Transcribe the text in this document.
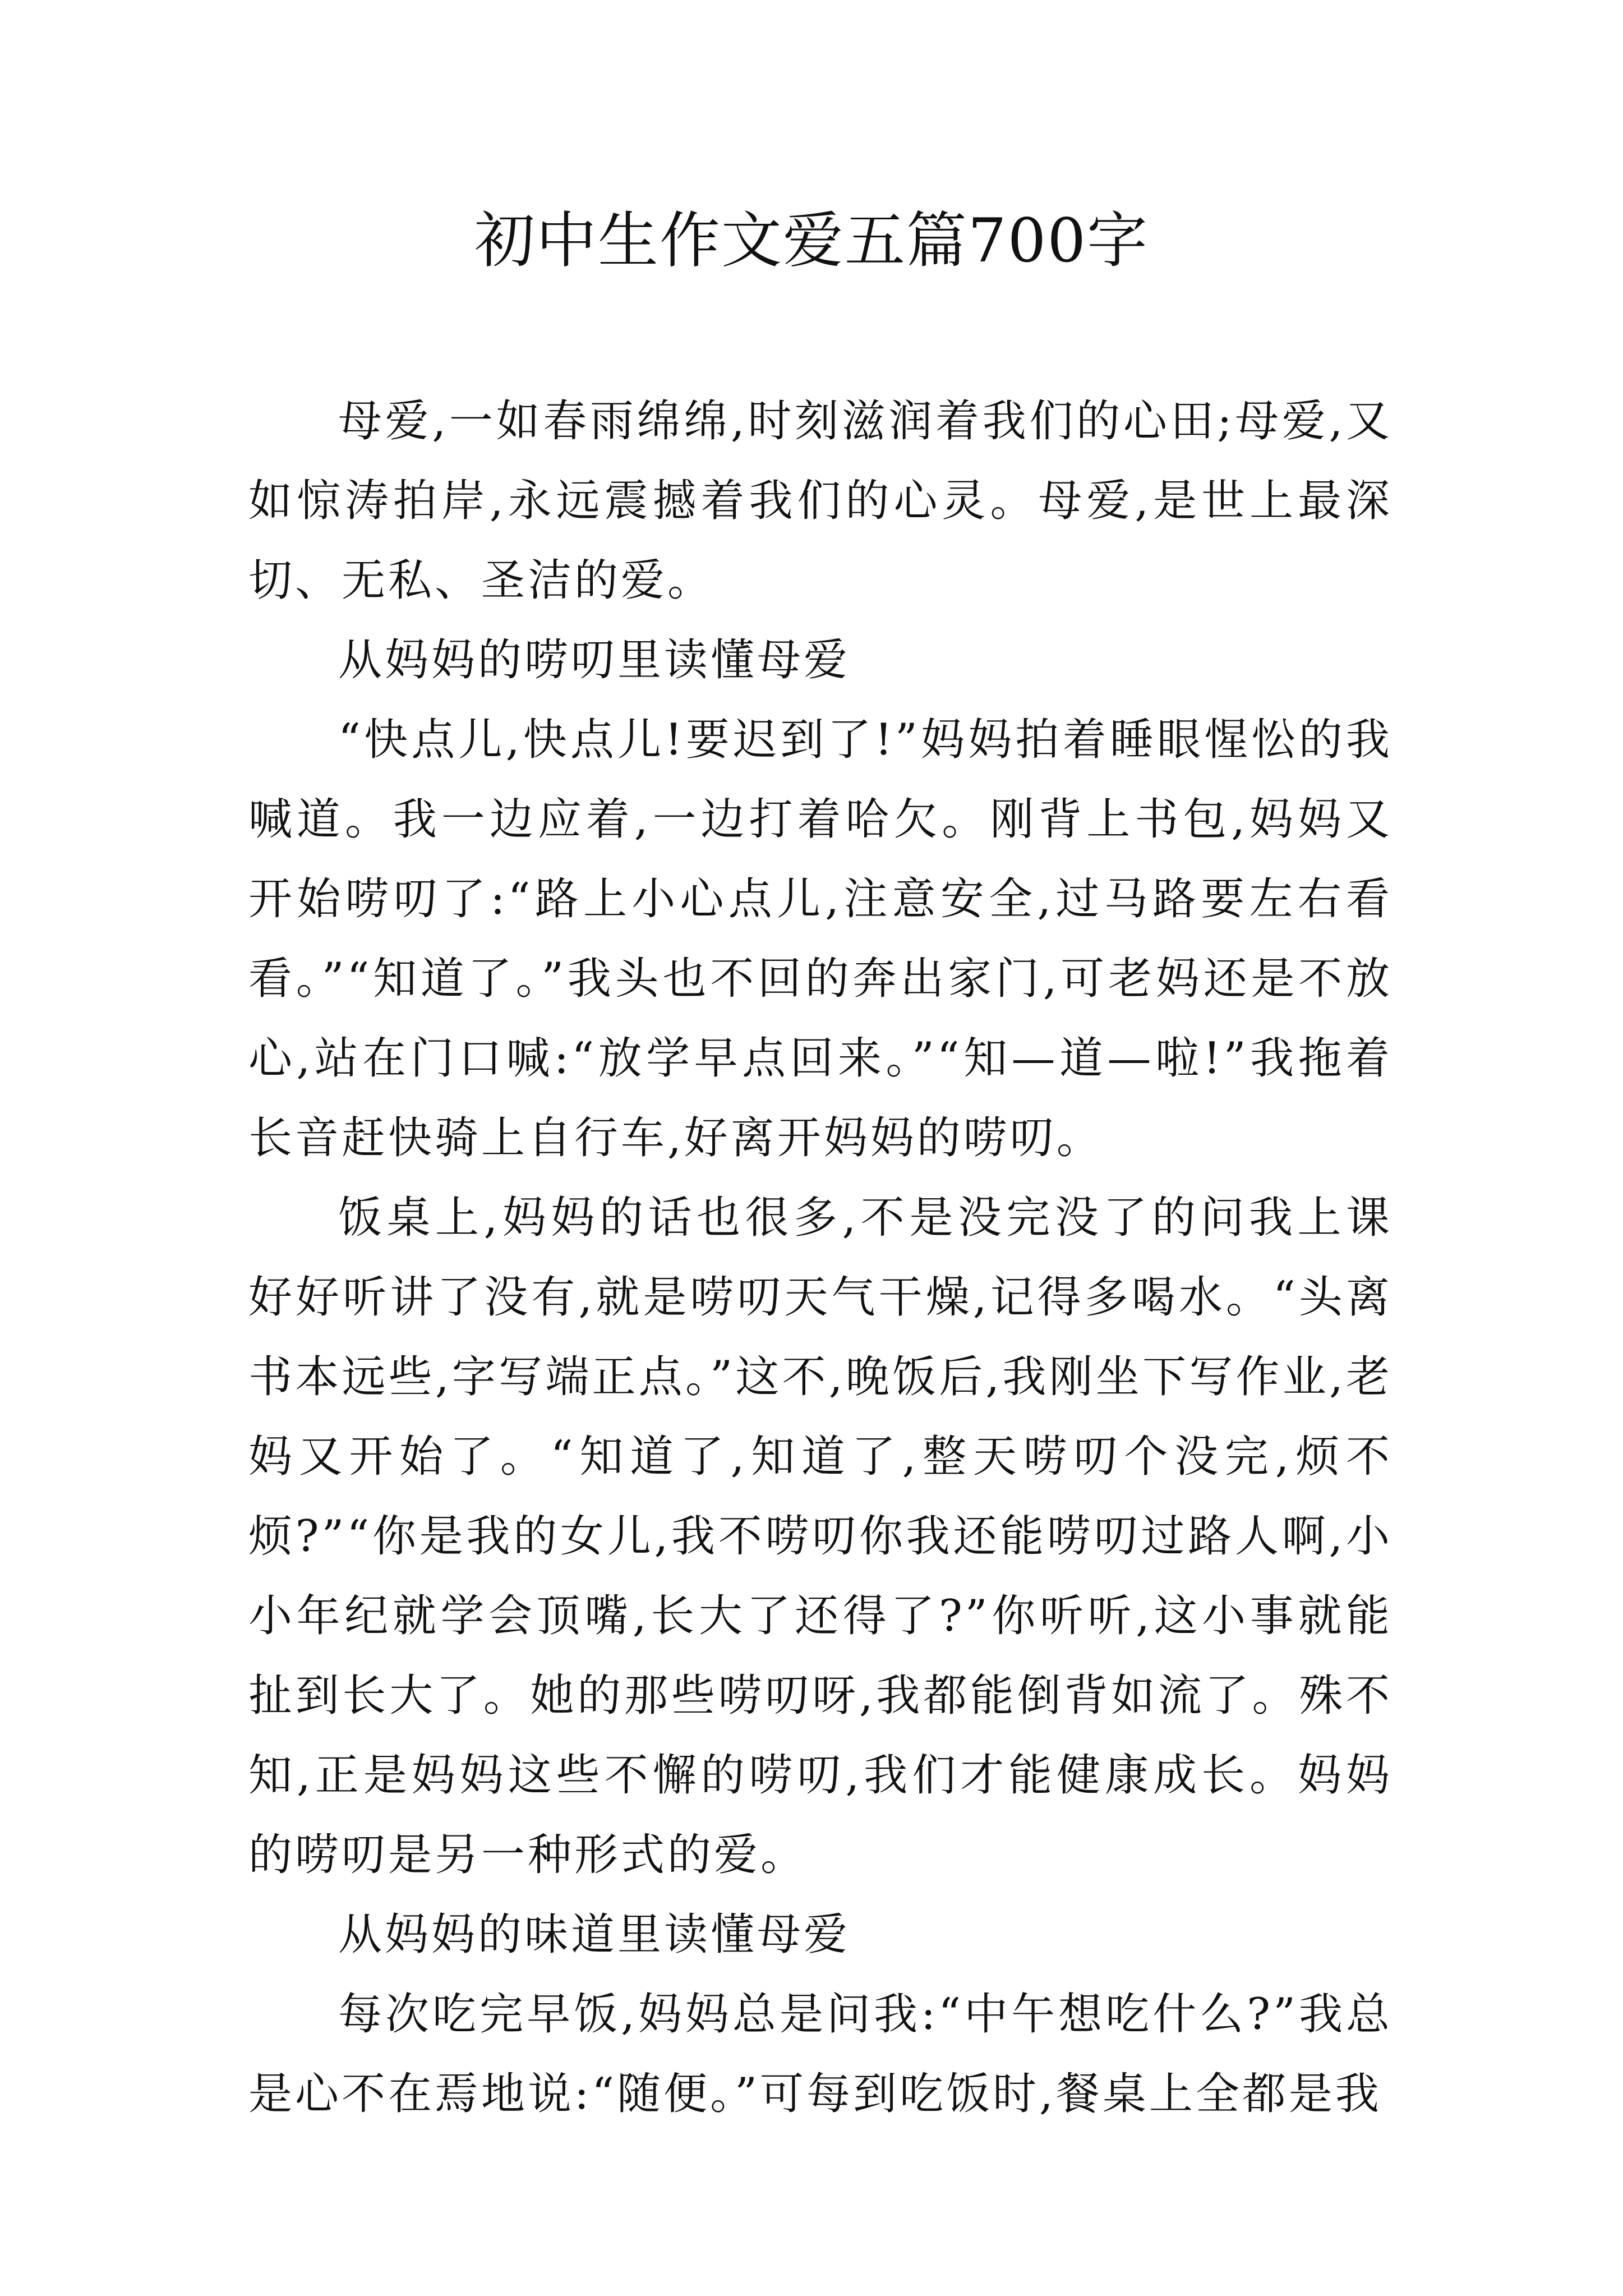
初中生作文爱五篇700字

母爱,一如春雨绵绵,时刻滋润着我们的心田;母爱,又如惊涛拍岸,永远震撼着我们的心灵。母爱,是世上最深切、无私、圣洁的爱。

从妈妈的唠叨里读懂母爱

“快点儿,快点儿!要迟到了!”妈妈拍着睡眼惺忪的我喊道。我一边应着,一边打着哈欠。刚背上书包,妈妈又开始唠叨了:“路上小心点儿,注意安全,过马路要左右看看。”“知道了。”我头也不回的奔出家门,可老妈还是不放心,站在门口喊:“放学早点回来。”“知—道—啦!”我拖着长音赶快骑上自行车,好离开妈妈的唠叨。

饭桌上,妈妈的话也很多,不是没完没了的问我上课好好听讲了没有,就是唠叨天气干燥,记得多喝水。“头离书本远些,字写端正点。”这不,晚饭后,我刚坐下写作业,老妈又开始了。“知道了,知道了,整天唠叨个没完,烦不烦?”“你是我的女儿,我不唠叨你我还能唠叨过路人啊,小小年纪就学会顶嘴,长大了还得了?”你听听,这小事就能扯到长大了。她的那些唠叨呀,我都能倒背如流了。殊不知,正是妈妈这些不懈的唠叨,我们才能健康成长。妈妈的唠叨是另一种形式的爱。

从妈妈的味道里读懂母爱

每次吃完早饭,妈妈总是问我:“中午想吃什么?”我总是心不在焉地说:“随便。”可每到吃饭时,餐桌上全都是我
